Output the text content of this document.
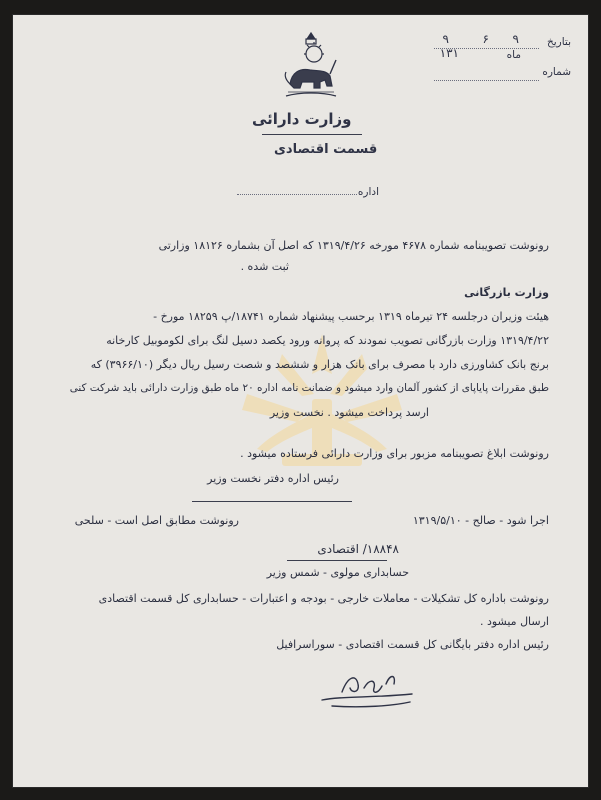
بتاریخ
۹
۶
۹
ماه
۱۳۱
شماره
وزارت دارائی
قسمت اقتصادی
اداره
رونوشت تصویبنامه شماره ۴۶۷۸ مورخه ۱۳۱۹/۴/۲۶ که اصل آن بشماره ۱۸۱۲۶ وزارتی
ثبت شده .
وزارت بازرگانی
هیئت وزیران درجلسه ۲۴ تیرماه ۱۳۱۹ برحسب پیشنهاد شماره ۱۸۷۴۱/پ ۱۸۲۵۹ مورخ -
۱۳۱۹/۴/۲۲ وزارت بازرگانی تصویب نمودند که پروانه ورود یکصد دسیل لنگ برای لکوموبیل کارخانه
برنج بانک کشاورزی دارد با مصرف برای بانک هزار و ششصد و شصت رسیل ریال دیگر (۳۹۶۶/۱۰) که
طبق مقررات پایاپای از کشور آلمان وارد میشود و ضمانت نامه اداره ۲۰ ماه طبق وزارت دارائی باید شرکت کنی
ارسد پرداخت میشود . نخست وزیر
رونوشت ابلاغ تصویبنامه مزبور برای وزارت دارائی فرستاده میشود .
رئیس اداره دفتر نخست وزیر
اجرا شود - صالح - ۱۳۱۹/۵/۱۰
رونوشت مطابق اصل است - سلحی
۱۸۸۴۸/ اقتصادی
حسابداری مولوی - شمس وزیر
رونوشت باداره کل تشکیلات - معاملات خارجی - بودجه و اعتبارات - حسابداری کل قسمت اقتصادی
ارسال میشود .
رئیس اداره دفتر بایگانی کل قسمت اقتصادی - سوراسرافیل
